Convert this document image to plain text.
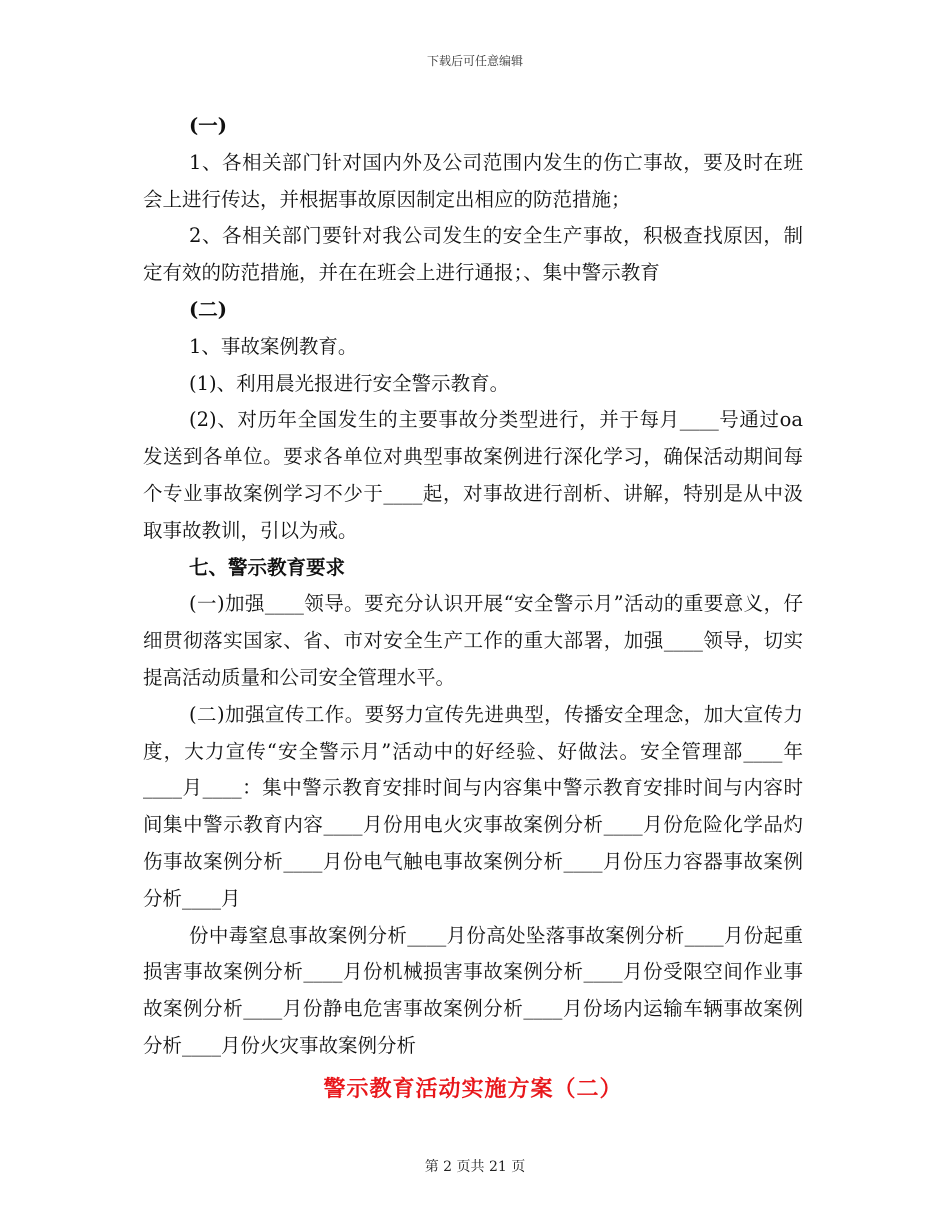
下载后可任意编辑

(一)

1、各相关部门针对国内外及公司范围内发生的伤亡事故，要及时在班会上进行传达，并根据事故原因制定出相应的防范措施；

2、各相关部门要针对我公司发生的安全生产事故，积极查找原因，制定有效的防范措施，并在在班会上进行通报；、集中警示教育

(二)

1、事故案例教育。

(1)、利用晨光报进行安全警示教育。

(2)、对历年全国发生的主要事故分类型进行，并于每月____号通过oa发送到各单位。要求各单位对典型事故案例进行深化学习，确保活动期间每个专业事故案例学习不少于____起，对事故进行剖析、讲解，特别是从中汲取事故教训，引以为戒。

七、警示教育要求

(一)加强____领导。要充分认识开展“安全警示月”活动的重要意义，仔细贯彻落实国家、省、市对安全生产工作的重大部署，加强____领导，切实提高活动质量和公司安全管理水平。

(二)加强宣传工作。要努力宣传先进典型，传播安全理念，加大宣传力度，大力宣传“安全警示月”活动中的好经验、好做法。安全管理部____年____月____：集中警示教育安排时间与内容集中警示教育安排时间与内容时间集中警示教育内容____月份用电火灾事故案例分析____月份危险化学品灼伤事故案例分析____月份电气触电事故案例分析____月份压力容器事故案例分析____月

份中毒窒息事故案例分析____月份高处坠落事故案例分析____月份起重损害事故案例分析____月份机械损害事故案例分析____月份受限空间作业事故案例分析____月份静电危害事故案例分析____月份场内运输车辆事故案例分析____月份火灾事故案例分析

警示教育活动实施方案（二）

第 2 页共 21 页
